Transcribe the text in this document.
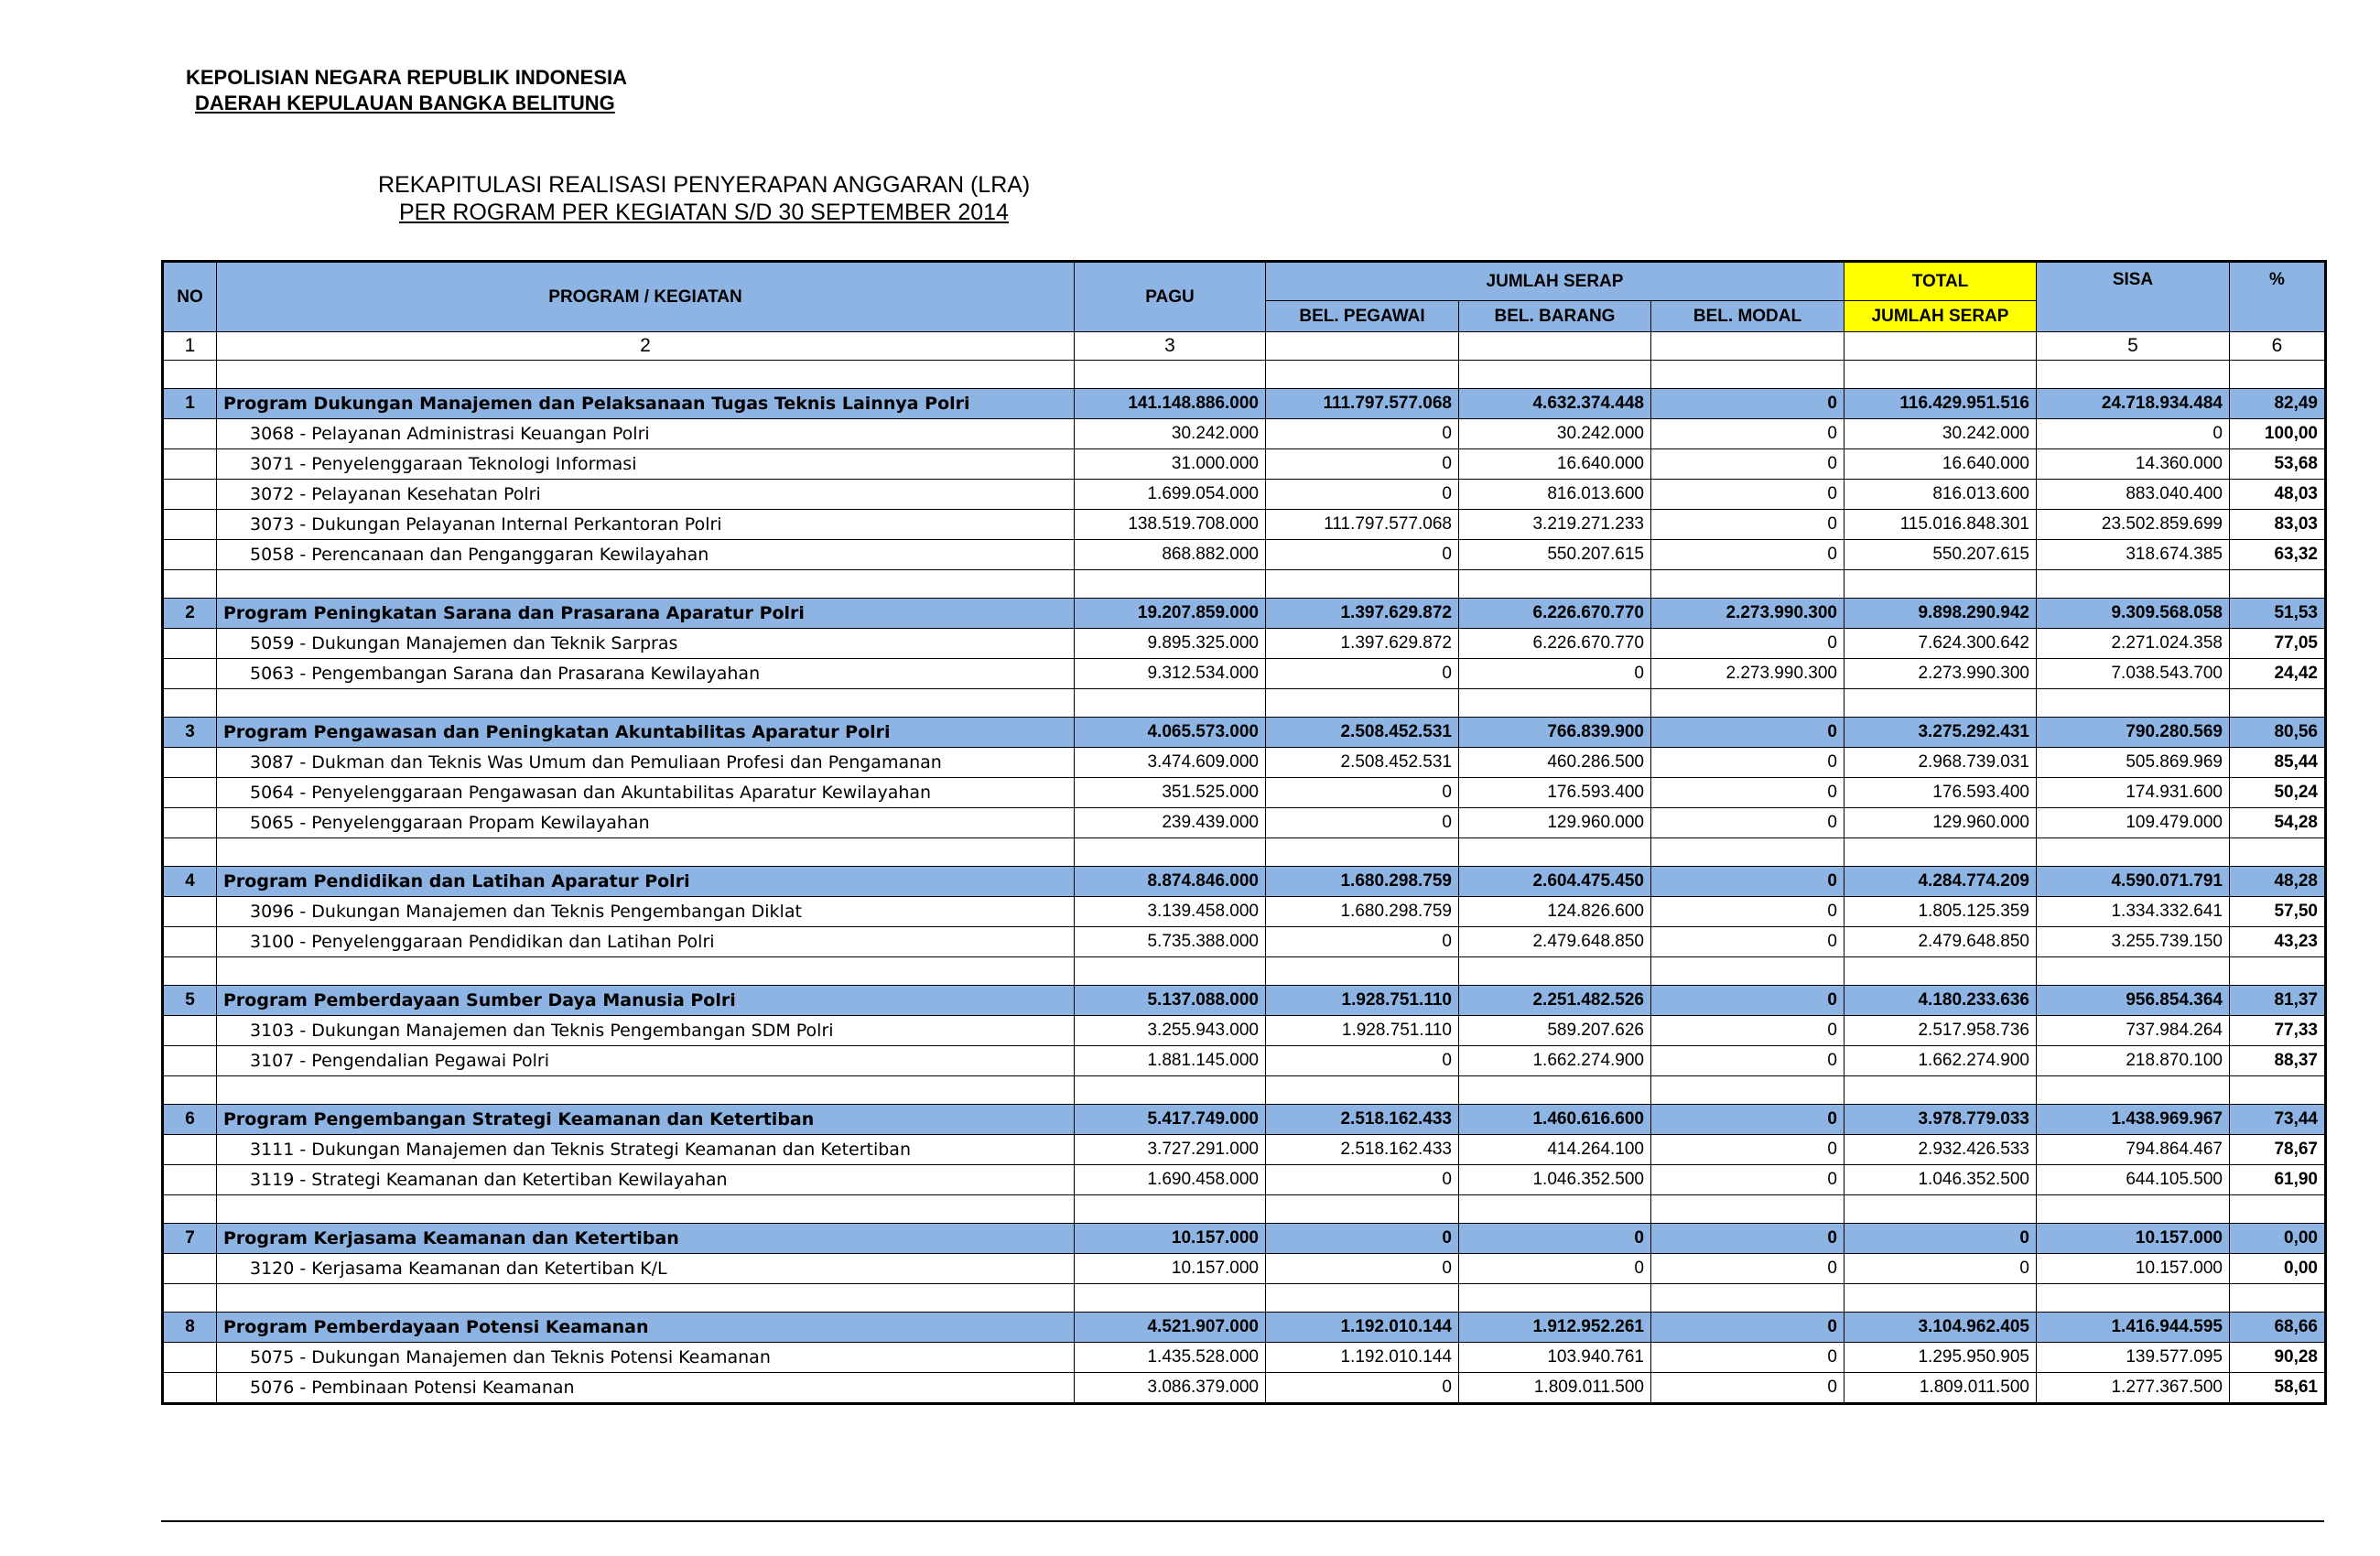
KEPOLISIAN NEGARA REPUBLIK INDONESIA
DAERAH KEPULAUAN BANGKA BELITUNG
REKAPITULASI REALISASI PENYERAPAN ANGGARAN (LRA)
PER ROGRAM PER KEGIATAN S/D 30 SEPTEMBER 2014
NO	PROGRAM / KEGIATAN	PAGU	JUMLAH SERAP			TOTAL	SISA	%
			BEL. PEGAWAI	BEL. BARANG	BEL. MODAL	JUMLAH SERAP		
1	2	3					5	6

1	Program Dukungan Manajemen dan Pelaksanaan Tugas Teknis Lainnya Polri	141.148.886.000	111.797.577.068	4.632.374.448	0	116.429.951.516	24.718.934.484	82,49
	3068 - Pelayanan Administrasi Keuangan Polri	30.242.000	0	30.242.000	0	30.242.000	0	100,00
	3071 - Penyelenggaraan Teknologi Informasi	31.000.000	0	16.640.000	0	16.640.000	14.360.000	53,68
	3072 - Pelayanan Kesehatan Polri	1.699.054.000	0	816.013.600	0	816.013.600	883.040.400	48,03
	3073 - Dukungan Pelayanan Internal Perkantoran Polri	138.519.708.000	111.797.577.068	3.219.271.233	0	115.016.848.301	23.502.859.699	83,03
	5058 - Perencanaan dan Penganggaran Kewilayahan	868.882.000	0	550.207.615	0	550.207.615	318.674.385	63,32

2	Program Peningkatan Sarana dan Prasarana Aparatur Polri	19.207.859.000	1.397.629.872	6.226.670.770	2.273.990.300	9.898.290.942	9.309.568.058	51,53
	5059 - Dukungan Manajemen dan Teknik Sarpras	9.895.325.000	1.397.629.872	6.226.670.770	0	7.624.300.642	2.271.024.358	77,05
	5063 - Pengembangan Sarana dan Prasarana Kewilayahan	9.312.534.000	0	0	2.273.990.300	2.273.990.300	7.038.543.700	24,42

3	Program Pengawasan dan Peningkatan Akuntabilitas Aparatur Polri	4.065.573.000	2.508.452.531	766.839.900	0	3.275.292.431	790.280.569	80,56
	3087 - Dukman dan Teknis Was Umum dan Pemuliaan Profesi dan Pengamanan	3.474.609.000	2.508.452.531	460.286.500	0	2.968.739.031	505.869.969	85,44
	5064 - Penyelenggaraan Pengawasan dan Akuntabilitas Aparatur Kewilayahan	351.525.000	0	176.593.400	0	176.593.400	174.931.600	50,24
	5065 - Penyelenggaraan Propam Kewilayahan	239.439.000	0	129.960.000	0	129.960.000	109.479.000	54,28

4	Program Pendidikan dan Latihan Aparatur Polri	8.874.846.000	1.680.298.759	2.604.475.450	0	4.284.774.209	4.590.071.791	48,28
	3096 - Dukungan Manajemen dan Teknis Pengembangan Diklat	3.139.458.000	1.680.298.759	124.826.600	0	1.805.125.359	1.334.332.641	57,50
	3100 - Penyelenggaraan Pendidikan dan Latihan Polri	5.735.388.000	0	2.479.648.850	0	2.479.648.850	3.255.739.150	43,23

5	Program Pemberdayaan Sumber Daya Manusia Polri	5.137.088.000	1.928.751.110	2.251.482.526	0	4.180.233.636	956.854.364	81,37
	3103 - Dukungan Manajemen dan Teknis Pengembangan SDM Polri	3.255.943.000	1.928.751.110	589.207.626	0	2.517.958.736	737.984.264	77,33
	3107 - Pengendalian Pegawai Polri	1.881.145.000	0	1.662.274.900	0	1.662.274.900	218.870.100	88,37

6	Program Pengembangan Strategi Keamanan dan Ketertiban	5.417.749.000	2.518.162.433	1.460.616.600	0	3.978.779.033	1.438.969.967	73,44
	3111 - Dukungan Manajemen dan Teknis Strategi Keamanan dan Ketertiban	3.727.291.000	2.518.162.433	414.264.100	0	2.932.426.533	794.864.467	78,67
	3119 - Strategi Keamanan dan Ketertiban Kewilayahan	1.690.458.000	0	1.046.352.500	0	1.046.352.500	644.105.500	61,90

7	Program Kerjasama Keamanan dan Ketertiban	10.157.000	0	0	0	0	10.157.000	0,00
	3120 - Kerjasama Keamanan dan Ketertiban K/L	10.157.000	0	0	0	0	10.157.000	0,00

8	Program Pemberdayaan Potensi Keamanan	4.521.907.000	1.192.010.144	1.912.952.261	0	3.104.962.405	1.416.944.595	68,66
	5075 - Dukungan Manajemen dan Teknis Potensi Keamanan	1.435.528.000	1.192.010.144	103.940.761	0	1.295.950.905	139.577.095	90,28
	5076 - Pembinaan Potensi Keamanan	3.086.379.000	0	1.809.011.500	0	1.809.011.500	1.277.367.500	58,61
